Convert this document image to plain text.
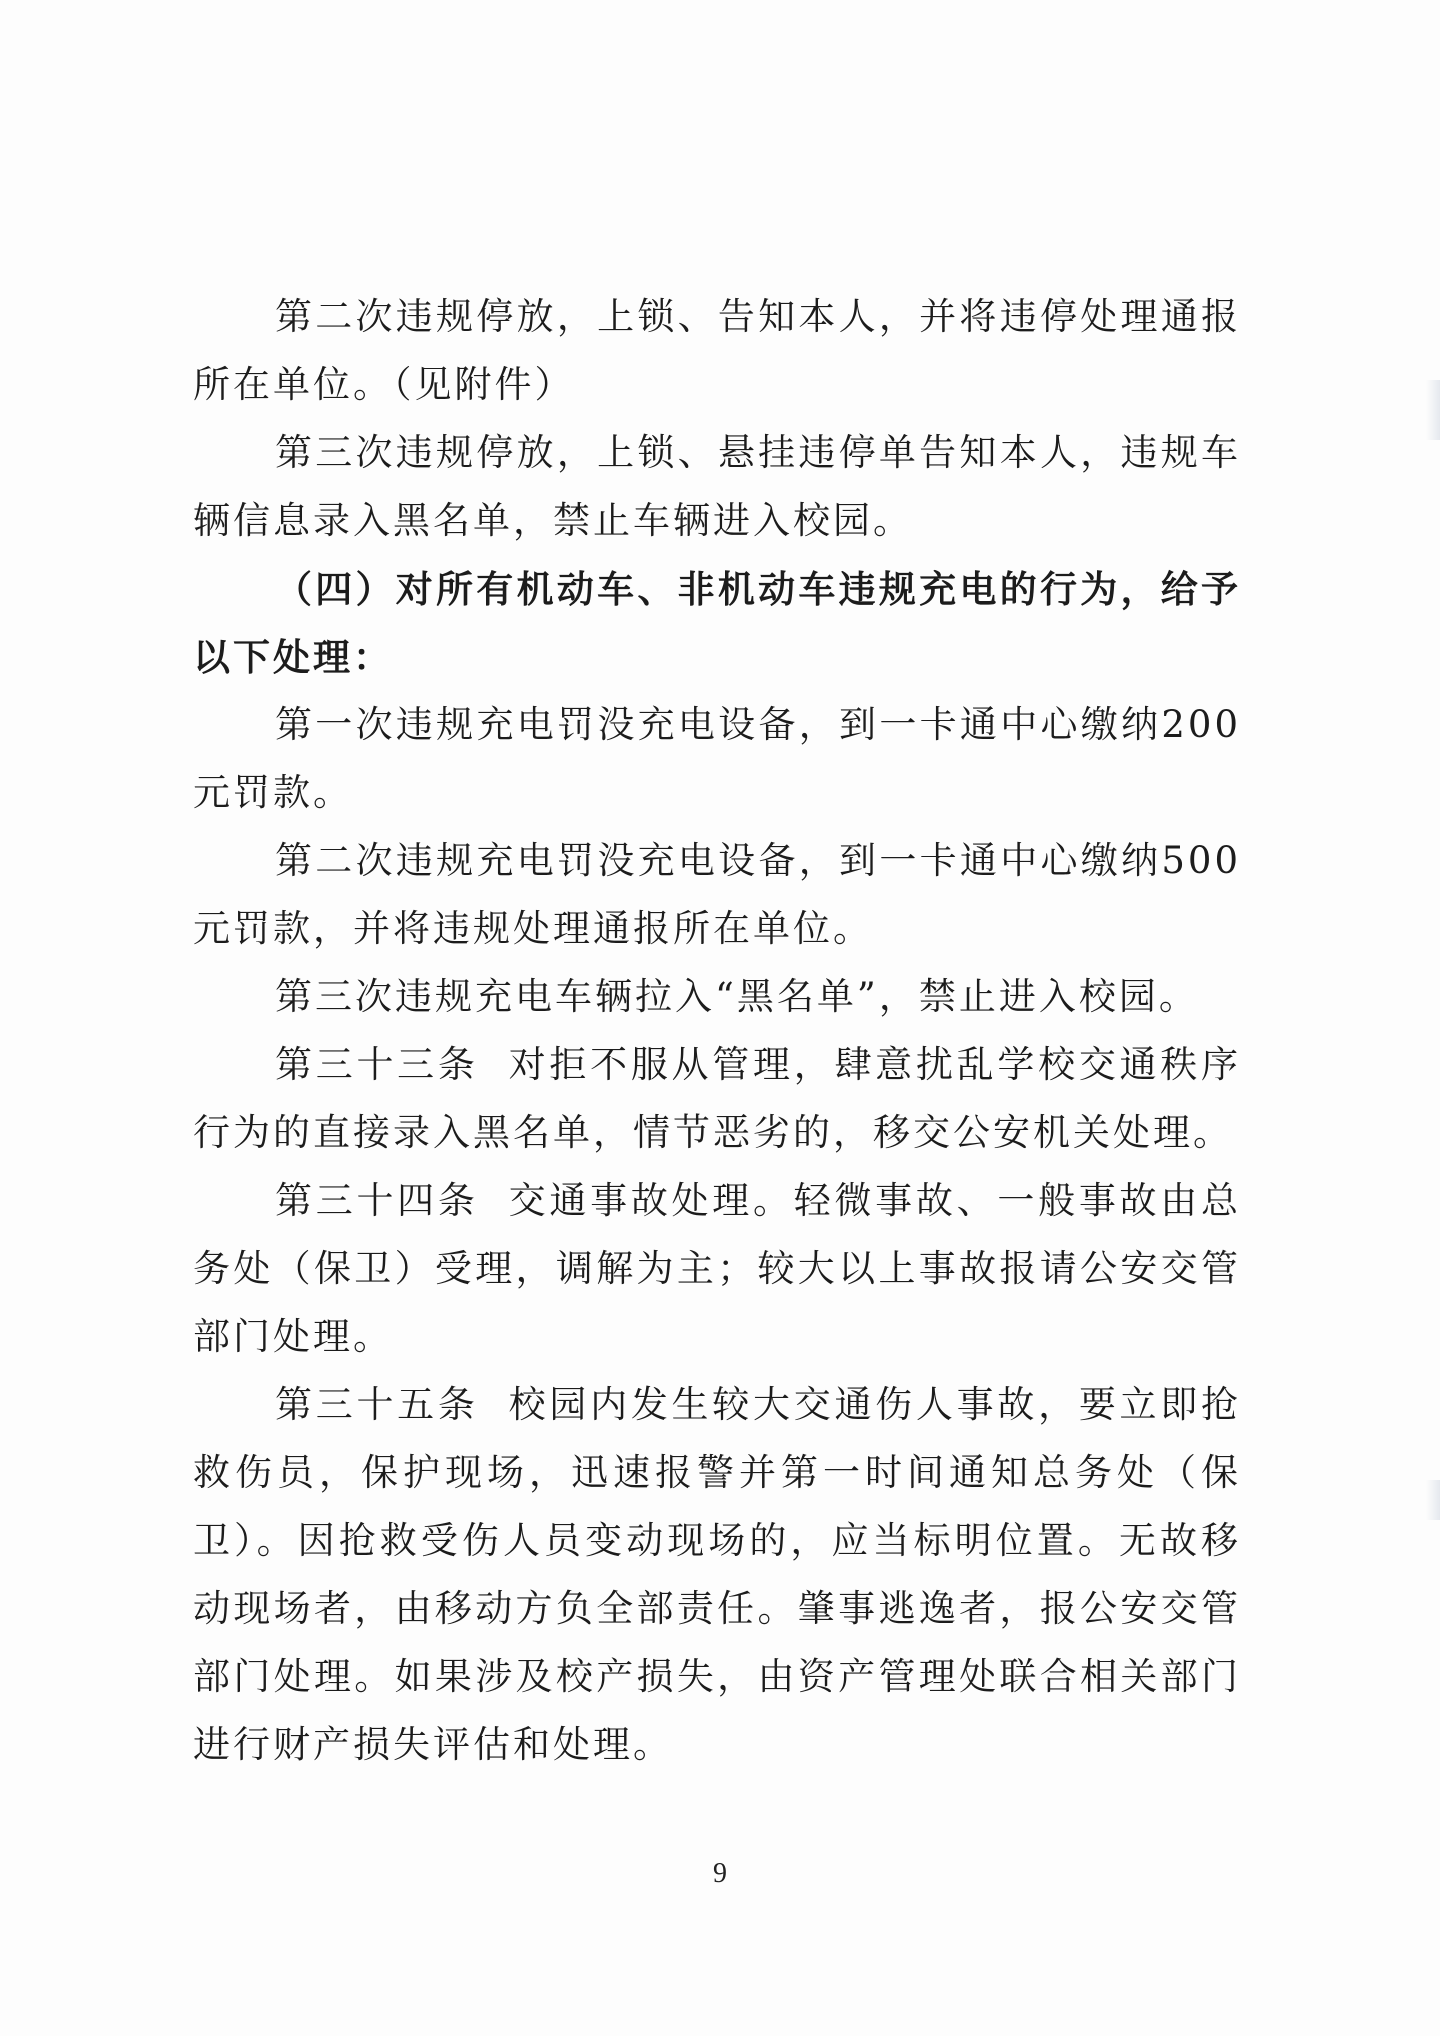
第二次违规停放，上锁、告知本人，并将违停处理通报所在单位。（见附件）

第三次违规停放，上锁、悬挂违停单告知本人，违规车辆信息录入黑名单，禁止车辆进入校园。

（四）对所有机动车、非机动车违规充电的行为，给予以下处理：

第一次违规充电罚没充电设备，到一卡通中心缴纳200元罚款。

第二次违规充电罚没充电设备，到一卡通中心缴纳500元罚款，并将违规处理通报所在单位。

第三次违规充电车辆拉入“黑名单”，禁止进入校园。

第三十三条 对拒不服从管理，肆意扰乱学校交通秩序行为的直接录入黑名单，情节恶劣的，移交公安机关处理。

第三十四条 交通事故处理。轻微事故、一般事故由总务处（保卫）受理，调解为主；较大以上事故报请公安交管部门处理。

第三十五条 校园内发生较大交通伤人事故，要立即抢救伤员，保护现场，迅速报警并第一时间通知总务处（保卫）。因抢救受伤人员变动现场的，应当标明位置。无故移动现场者，由移动方负全部责任。肇事逃逸者，报公安交管部门处理。如果涉及校产损失，由资产管理处联合相关部门进行财产损失评估和处理。

9
